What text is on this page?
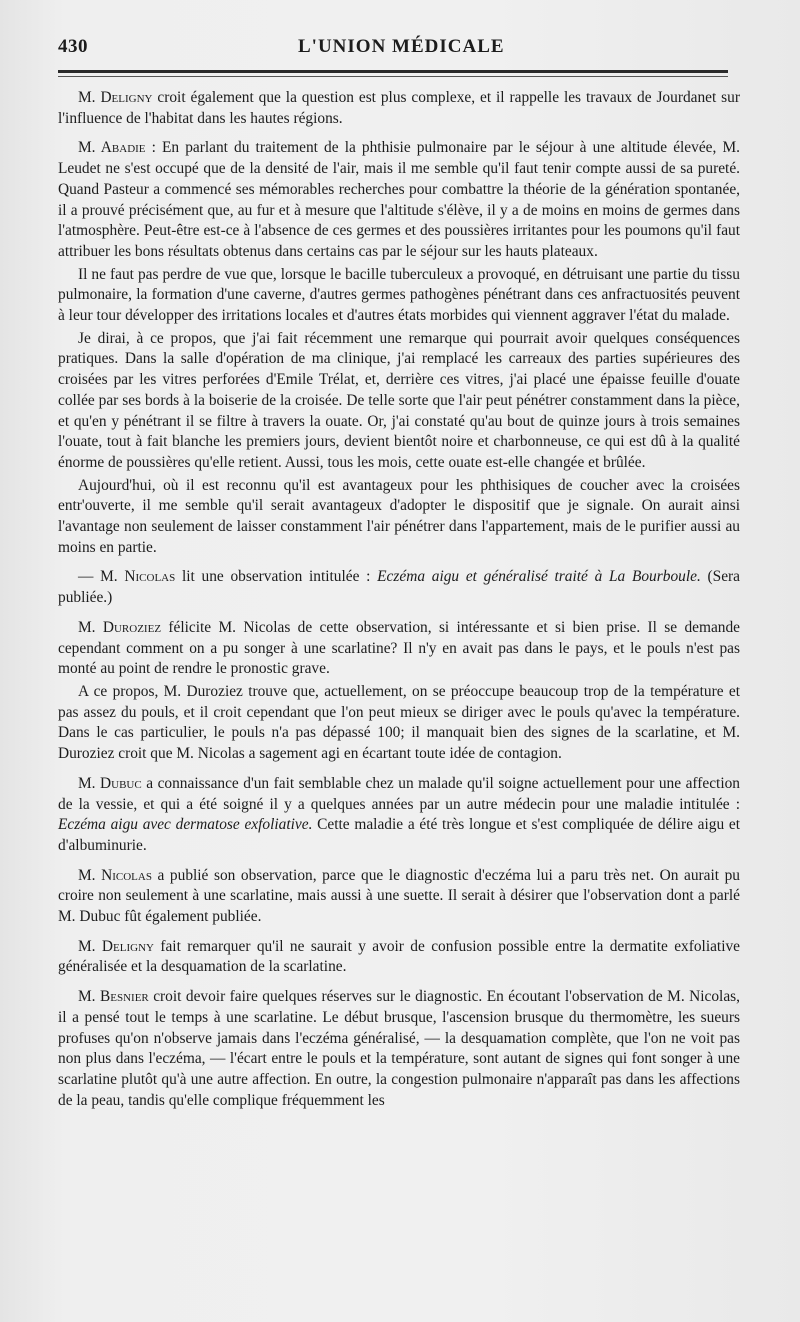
430	L'UNION MÉDICALE

M. Deligny croit également que la question est plus complexe, et il rappelle les travaux de Jourdanet sur l'influence de l'habitat dans les hautes régions.

M. Abadie : En parlant du traitement de la phthisie pulmonaire par le séjour à une altitude élevée, M. Leudet ne s'est occupé que de la densité de l'air, mais il me semble qu'il faut tenir compte aussi de sa pureté. Quand Pasteur a commencé ses mémorables recherches pour combattre la théorie de la génération spontanée, il a prouvé précisément que, au fur et à mesure que l'altitude s'élève, il y a de moins en moins de germes dans l'atmosphère. Peut-être est-ce à l'absence de ces germes et des poussières irritantes pour les poumons qu'il faut attribuer les bons résultats obtenus dans certains cas par le séjour sur les hauts plateaux.

Il ne faut pas perdre de vue que, lorsque le bacille tuberculeux a provoqué, en détruisant une partie du tissu pulmonaire, la formation d'une caverne, d'autres germes pathogènes pénétrant dans ces anfractuosités peuvent à leur tour développer des irritations locales et d'autres états morbides qui viennent aggraver l'état du malade.

Je dirai, à ce propos, que j'ai fait récemment une remarque qui pourrait avoir quelques conséquences pratiques. Dans la salle d'opération de ma clinique, j'ai remplacé les carreaux des parties supérieures des croisées par les vitres perforées d'Emile Trélat, et, derrière ces vitres, j'ai placé une épaisse feuille d'ouate collée par ses bords à la boiserie de la croisée. De telle sorte que l'air peut pénétrer constamment dans la pièce, et qu'en y pénétrant il se filtre à travers la ouate. Or, j'ai constaté qu'au bout de quinze jours à trois semaines l'ouate, tout à fait blanche les premiers jours, devient bientôt noire et charbonneuse, ce qui est dû à la qualité énorme de poussières qu'elle retient. Aussi, tous les mois, cette ouate est-elle changée et brûlée.

Aujourd'hui, où il est reconnu qu'il est avantageux pour les phthisiques de coucher avec la croisées entr'ouverte, il me semble qu'il serait avantageux d'adopter le dispositif que je signale. On aurait ainsi l'avantage non seulement de laisser constamment l'air pénétrer dans l'appartement, mais de le purifier aussi au moins en partie.

— M. Nicolas lit une observation intitulée : Eczéma aigu et généralisé traité à La Bourboule. (Sera publiée.)

M. Duroziez félicite M. Nicolas de cette observation, si intéressante et si bien prise. Il se demande cependant comment on a pu songer à une scarlatine? Il n'y en avait pas dans le pays, et le pouls n'est pas monté au point de rendre le pronostic grave.

A ce propos, M. Duroziez trouve que, actuellement, on se préoccupe beaucoup trop de la température et pas assez du pouls, et il croit cependant que l'on peut mieux se diriger avec le pouls qu'avec la température. Dans le cas particulier, le pouls n'a pas dépassé 100; il manquait bien des signes de la scarlatine, et M. Duroziez croit que M. Nicolas a sagement agi en écartant toute idée de contagion.

M. Dubuc a connaissance d'un fait semblable chez un malade qu'il soigne actuellement pour une affection de la vessie, et qui a été soigné il y a quelques années par un autre médecin pour une maladie intitulée : Eczéma aigu avec dermatose exfoliative. Cette maladie a été très longue et s'est compliquée de délire aigu et d'albuminurie.

M. Nicolas a publié son observation, parce que le diagnostic d'eczéma lui a paru très net. On aurait pu croire non seulement à une scarlatine, mais aussi à une suette. Il serait à désirer que l'observation dont a parlé M. Dubuc fût également publiée.

M. Deligny fait remarquer qu'il ne saurait y avoir de confusion possible entre la dermatite exfoliative généralisée et la desquamation de la scarlatine.

M. Besnier croit devoir faire quelques réserves sur le diagnostic. En écoutant l'observation de M. Nicolas, il a pensé tout le temps à une scarlatine. Le début brusque, l'ascension brusque du thermomètre, les sueurs profuses qu'on n'observe jamais dans l'eczéma généralisé, — la desquamation complète, que l'on ne voit pas non plus dans l'eczéma, — l'écart entre le pouls et la température, sont autant de signes qui font songer à une scarlatine plutôt qu'à une autre affection. En outre, la congestion pulmonaire n'apparaît pas dans les affections de la peau, tandis qu'elle complique fréquemment les
